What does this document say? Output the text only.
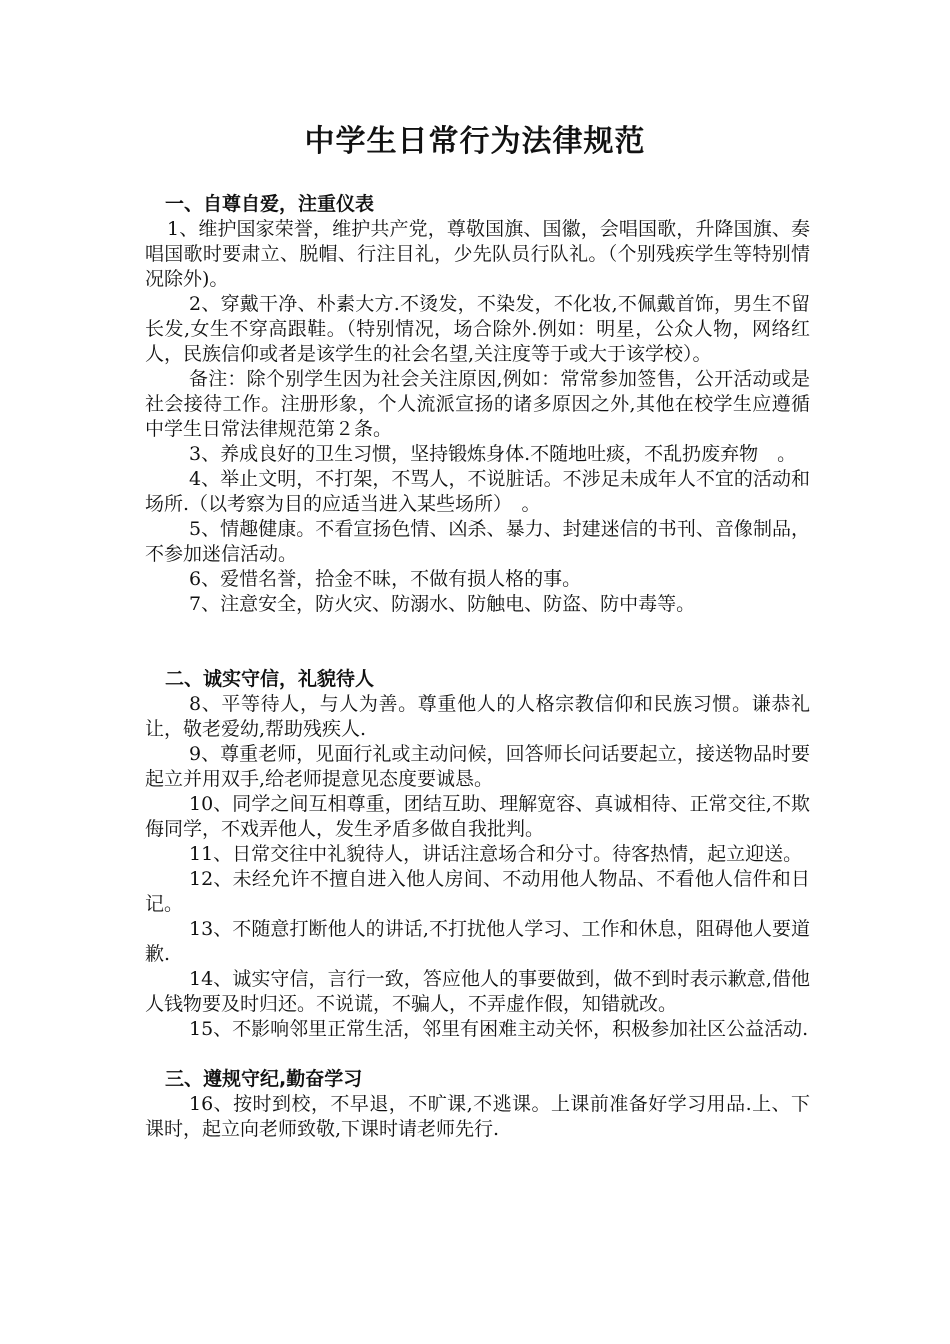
中学生日常行为法律规范

一、自尊自爱，注重仪表

1、维护国家荣誉，维护共产党，尊敬国旗、国徽，会唱国歌，升降国旗、奏唱国歌时要肃立、脱帽、行注目礼，少先队员行队礼。（个别残疾学生等特别情况除外)。

2、穿戴干净、朴素大方.不烫发，不染发，不化妆,不佩戴首饰，男生不留长发,女生不穿高跟鞋。（特别情况，场合除外.例如：明星，公众人物，网络红人，民族信仰或者是该学生的社会名望,关注度等于或大于该学校）。

备注：除个别学生因为社会关注原因,例如：常常参加签售，公开活动或是社会接待工作。注册形象，个人流派宣扬的诸多原因之外,其他在校学生应遵循中学生日常法律规范第２条。

3、养成良好的卫生习惯，坚持锻炼身体.不随地吐痰，不乱扔废弃物　。

4、举止文明，不打架，不骂人，不说脏话。不涉足未成年人不宜的活动和场所.（以考察为目的应适当进入某些场所）　。

5、情趣健康。不看宣扬色情、凶杀、暴力、封建迷信的书刊、音像制品，不参加迷信活动。

6、爱惜名誉，拾金不昧，不做有损人格的事。

7、注意安全，防火灾、防溺水、防触电、防盗、防中毒等。

二、诚实守信，礼貌待人

8、平等待人，与人为善。尊重他人的人格宗教信仰和民族习惯。谦恭礼让，敬老爱幼,帮助残疾人.

9、尊重老师，见面行礼或主动问候，回答师长问话要起立，接送物品时要起立并用双手,给老师提意见态度要诚恳。

10、同学之间互相尊重，团结互助、理解宽容、真诚相待、正常交往,不欺侮同学，不戏弄他人，发生矛盾多做自我批判。

11、日常交往中礼貌待人，讲话注意场合和分寸。待客热情，起立迎送。

12、未经允许不擅自进入他人房间、不动用他人物品、不看他人信件和日记。

13、不随意打断他人的讲话,不打扰他人学习、工作和休息，阻碍他人要道歉.

14、诚实守信，言行一致，答应他人的事要做到，做不到时表示歉意,借他人钱物要及时归还。不说谎，不骗人，不弄虚作假，知错就改。

15、不影响邻里正常生活，邻里有困难主动关怀，积极参加社区公益活动.

三、遵规守纪,勤奋学习

16、按时到校，不早退，不旷课,不逃课。上课前准备好学习用品.上、下课时，起立向老师致敬,下课时请老师先行.
